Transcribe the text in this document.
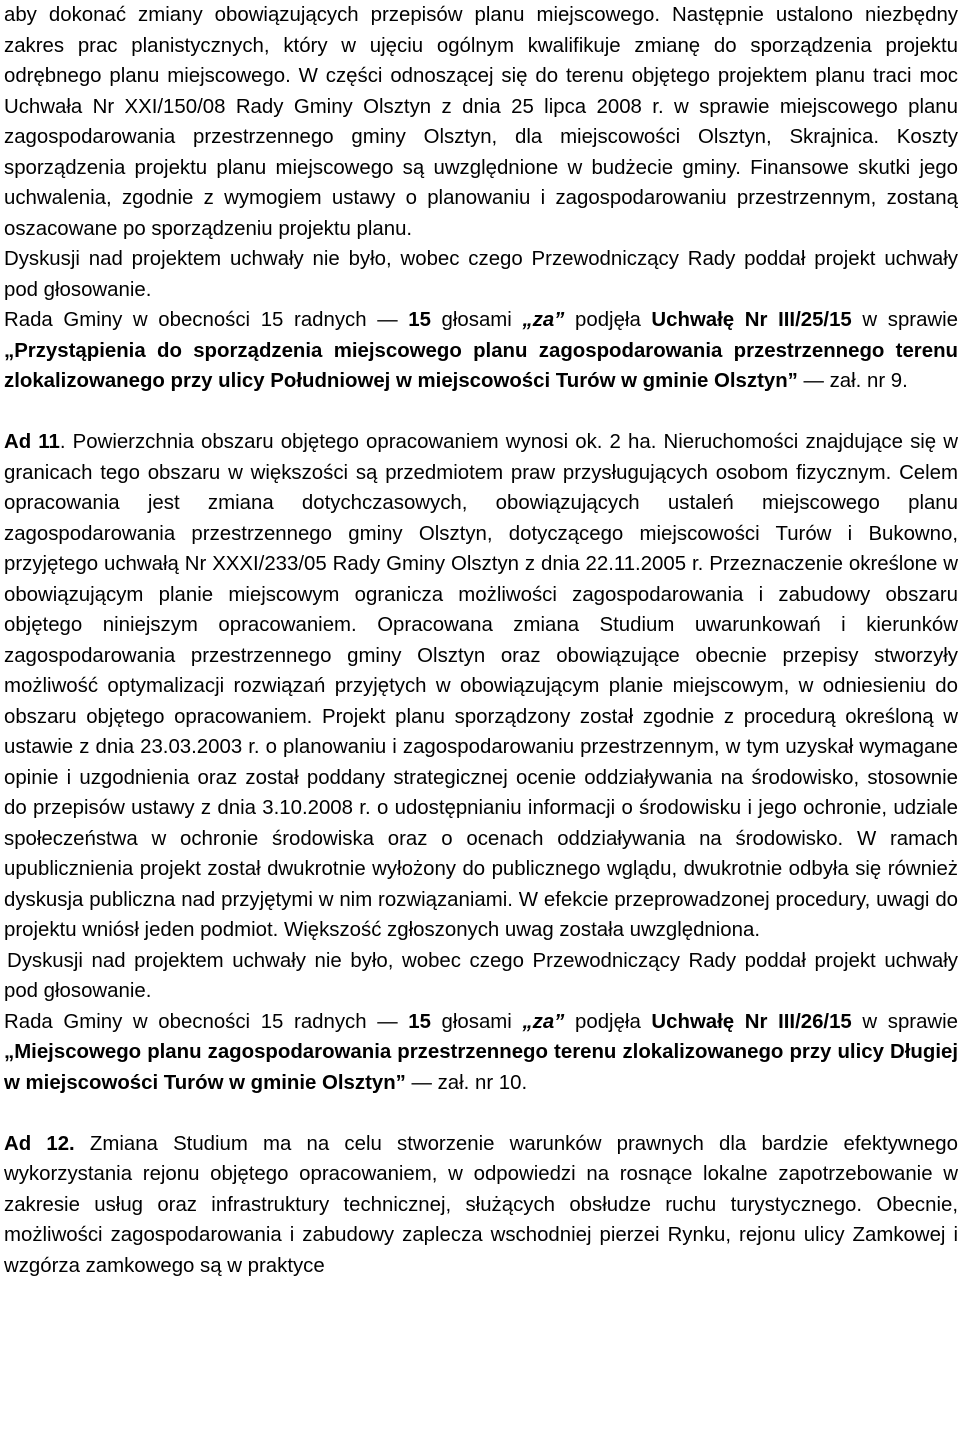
aby dokonać zmiany obowiązujących przepisów planu miejscowego. Następnie ustalono niezbędny zakres prac planistycznych, który w ujęciu ogólnym kwalifikuje zmianę do sporządzenia projektu odrębnego planu miejscowego. W części odnoszącej się do terenu objętego projektem planu traci moc Uchwała Nr XXI/150/08 Rady Gminy Olsztyn z dnia 25 lipca 2008 r. w sprawie miejscowego planu zagospodarowania przestrzennego gminy Olsztyn, dla miejscowości Olsztyn, Skrajnica. Koszty sporządzenia projektu planu miejscowego są uwzględnione w budżecie gminy. Finansowe skutki jego uchwalenia, zgodnie z wymogiem ustawy o planowaniu i zagospodarowaniu przestrzennym, zostaną oszacowane po sporządzeniu projektu planu.

Dyskusji nad projektem uchwały nie było, wobec czego Przewodniczący Rady poddał projekt uchwały pod głosowanie.

Rada Gminy w obecności 15 radnych — 15 głosami „za” podjęła Uchwałę Nr III/25/15 w sprawie „Przystąpienia do sporządzenia miejscowego planu zagospodarowania przestrzennego terenu zlokalizowanego przy ulicy Południowej w miejscowości Turów w gminie Olsztyn” — zał. nr 9.

Ad 11. Powierzchnia obszaru objętego opracowaniem wynosi ok. 2 ha. Nieruchomości znajdujące się w granicach tego obszaru w większości są przedmiotem praw przysługujących osobom fizycznym. Celem opracowania jest zmiana dotychczasowych, obowiązujących ustaleń miejscowego planu zagospodarowania przestrzennego gminy Olsztyn, dotyczącego miejscowości Turów i Bukowno, przyjętego uchwałą Nr XXXI/233/05 Rady Gminy Olsztyn z dnia 22.11.2005 r. Przeznaczenie określone w obowiązującym planie miejscowym ogranicza możliwości zagospodarowania i zabudowy obszaru objętego niniejszym opracowaniem. Opracowana zmiana Studium uwarunkowań i kierunków zagospodarowania przestrzennego gminy Olsztyn oraz obowiązujące obecnie przepisy stworzyły możliwość optymalizacji rozwiązań przyjętych w obowiązującym planie miejscowym, w odniesieniu do obszaru objętego opracowaniem. Projekt planu sporządzony został zgodnie z procedurą określoną w ustawie z dnia 23.03.2003 r. o planowaniu i zagospodarowaniu przestrzennym, w tym uzyskał wymagane opinie i uzgodnienia oraz został poddany strategicznej ocenie oddziaływania na środowisko, stosownie do przepisów ustawy z dnia 3.10.2008 r. o udostępnianiu informacji o środowisku i jego ochronie, udziale społeczeństwa w ochronie środowiska oraz o ocenach oddziaływania na środowisko. W ramach upublicznienia projekt został dwukrotnie wyłożony do publicznego wglądu, dwukrotnie odbyła się również dyskusja publiczna nad przyjętymi w nim rozwiązaniami. W efekcie przeprowadzonej procedury, uwagi do projektu wniósł jeden podmiot. Większość zgłoszonych uwag została uwzględniona.

Dyskusji nad projektem uchwały nie było, wobec czego Przewodniczący Rady poddał projekt uchwały pod głosowanie.

Rada Gminy w obecności 15 radnych — 15 głosami „za” podjęła Uchwałę Nr III/26/15 w sprawie „Miejscowego planu zagospodarowania przestrzennego terenu zlokalizowanego przy ulicy Długiej w miejscowości Turów w gminie Olsztyn” — zał. nr 10.

Ad 12. Zmiana Studium ma na celu stworzenie warunków prawnych dla bardzie efektywnego wykorzystania rejonu objętego opracowaniem, w odpowiedzi na rosnące lokalne zapotrzebowanie w zakresie usług oraz infrastruktury technicznej, służących obsłudze ruchu turystycznego. Obecnie, możliwości zagospodarowania i zabudowy zaplecza wschodniej pierzei Rynku, rejonu ulicy Zamkowej i wzgórza zamkowego są w praktyce
